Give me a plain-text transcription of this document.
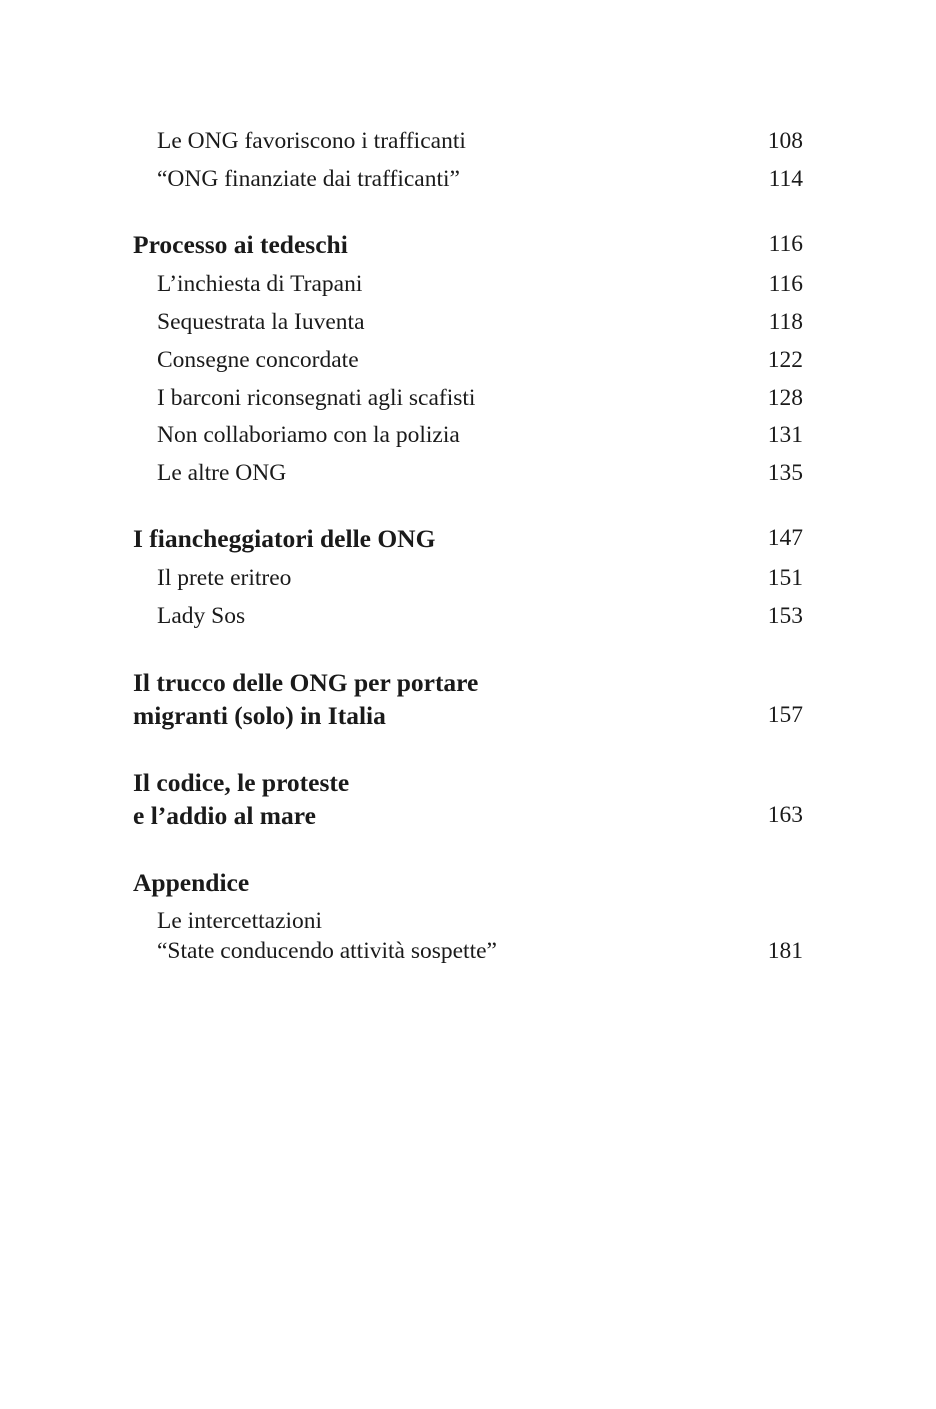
Le ONG favoriscono i trafficanti	108
“ONG finanziate dai trafficanti”	114
Processo ai tedeschi	116
L’inchiesta di Trapani	116
Sequestrata la Iuventa	118
Consegne concordate	122
I barconi riconsegnati agli scafisti	128
Non collaboriamo con la polizia	131
Le altre ONG	135
I fiancheggiatori delle ONG	147
Il prete eritreo	151
Lady Sos	153
Il trucco delle ONG per portare
migranti (solo) in Italia	157
Il codice, le proteste
e l’addio al mare	163
Appendice
Le intercettazioni
“State conducendo attività sospette”	181
